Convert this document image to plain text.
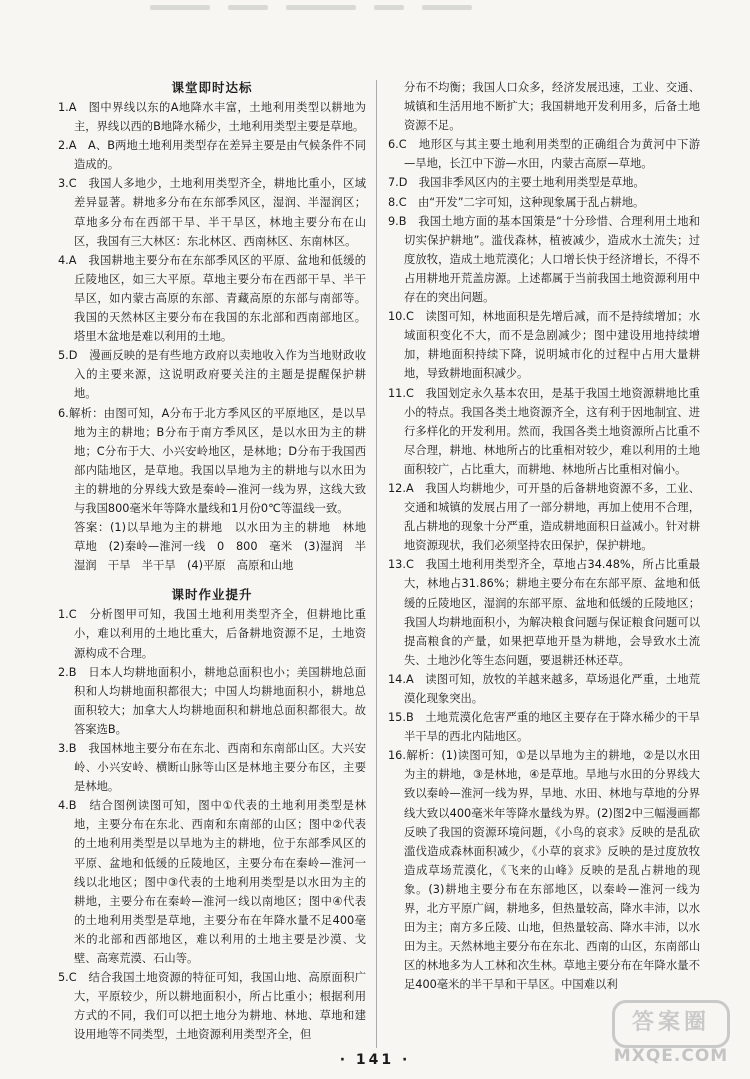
课堂即时达标
1.A　图中界线以东的A地降水丰富，土地利用类型以耕地为主，界线以西的B地降水稀少，土地利用类型主要是草地。
2.A　A、B两地土地利用类型存在差异主要是由气候条件不同造成的。
3.C　我国人多地少，土地利用类型齐全，耕地比重小，区域差异显著。耕地多分布在东部季风区，湿润、半湿润区；草地多分布在西部干旱、半干旱区，林地主要分布在山区，我国有三大林区：东北林区、西南林区、东南林区。
4.A　我国耕地主要分布在东部季风区的平原、盆地和低缓的丘陵地区，如三大平原。草地主要分布在西部干旱、半干旱区，如内蒙古高原的东部、青藏高原的东部与南部等。我国的天然林区主要分布在我国的东北部和西南部地区。塔里木盆地是难以利用的土地。
5.D　漫画反映的是有些地方政府以卖地收入作为当地财政收入的主要来源，这说明政府要关注的主题是提醒保护耕地。
6.解析：由图可知，A分布于北方季风区的平原地区，是以旱地为主的耕地；B分布于南方季风区，是以水田为主的耕地；C分布于大、小兴安岭地区，是林地；D分布于我国西部内陆地区，是草地。我国以旱地为主的耕地与以水田为主的耕地的分界线大致是秦岭—淮河一线为界，这线大致与我国800毫米年等降水量线和1月份0℃等温线一致。
答案：(1)以旱地为主的耕地　以水田为主的耕地　林地　草地　(2)秦岭—淮河一线　0　800　毫米　(3)湿润　半湿润　干旱　半干旱　(4)平原　高原和山地
课时作业提升
1.C　分析图甲可知，我国土地利用类型齐全，但耕地比重小，难以利用的土地比重大，后备耕地资源不足，土地资源构成不合理。
2.B　日本人均耕地面积小，耕地总面积也小；美国耕地总面积和人均耕地面积都很大；中国人均耕地面积小，耕地总面积较大；加拿大人均耕地面积和耕地总面积都很大。故答案选B。
3.B　我国林地主要分布在东北、西南和东南部山区。大兴安岭、小兴安岭、横断山脉等山区是林地主要分布区，主要是林地。
4.B　结合图例读图可知，图中①代表的土地利用类型是林地，主要分布在东北、西南和东南部的山区；图中②代表的土地利用类型是以旱地为主的耕地，位于东部季风区的平原、盆地和低缓的丘陵地区，主要分布在秦岭—淮河一线以北地区；图中③代表的土地利用类型是以水田为主的耕地，主要分布在秦岭—淮河一线以南地区；图中④代表的土地利用类型是草地，主要分布在年降水量不足400毫米的北部和西部地区，难以利用的土地主要是沙漠、戈壁、高寒荒漠、石山等。
5.C　结合我国土地资源的特征可知，我国山地、高原面积广大，平原较少，所以耕地面积小，所占比重小；根据利用方式的不同，我们可以把土地分为耕地、林地、草地和建设用地等不同类型，土地资源利用类型齐全，但
分布不均衡；我国人口众多，经济发展迅速，工业、交通、城镇和生活用地不断扩大；我国耕地开发利用多，后备土地资源不足。
6.C　地形区与其主要土地利用类型的正确组合为黄河中下游—旱地，长江中下游—水田，内蒙古高原—草地。
7.D　我国非季风区内的主要土地利用类型是草地。
8.C　由“开发”二字可知，这种现象属于乱占耕地。
9.B　我国土地方面的基本国策是“十分珍惜、合理利用土地和切实保护耕地”。滥伐森林，植被减少，造成水土流失；过度放牧，造成土地荒漠化；人口增长快于经济增长，不得不占用耕地开荒盖房源。上述都属于当前我国土地资源利用中存在的突出问题。
10.C　读图可知，林地面积是先增后减，而不是持续增加；水域面积变化不大，而不是急剧减少；图中建设用地持续增加，耕地面积持续下降，说明城市化的过程中占用大量耕地，导致耕地面积减少。
11.C　我国划定永久基本农田，是基于我国土地资源耕地比重小的特点。我国各类土地资源齐全，这有利于因地制宜、进行多样化的开发利用。然而，我国各类土地资源所占比重不尽合理，耕地、林地所占的比重相对较少，难以利用的土地面积较广，占比重大，而耕地、林地所占比重相对偏小。
12.A　我国人均耕地少，可开垦的后备耕地资源不多，工业、交通和城镇的发展占用了一部分耕地，再加上使用不合理，乱占耕地的现象十分严重，造成耕地面积日益减小。针对耕地资源现状，我们必须坚持农田保护，保护耕地。
13.C　我国土地利用类型齐全，草地占34.48%，所占比重最大，林地占31.86%；耕地主要分布在东部平原、盆地和低缓的丘陵地区，湿润的东部平原、盆地和低缓的丘陵地区；我国人均耕地面积小，为解决粮食问题与保证粮食问题可以提高粮食的产量，如果把草地开垦为耕地，会导致水土流失、土地沙化等生态问题，要退耕还林还草。
14.A　读图可知，放牧的羊越来越多，草场退化严重，土地荒漠化现象突出。
15.B　土地荒漠化危害严重的地区主要存在于降水稀少的干旱半干旱的西北内陆地区。
16.解析：(1)读图可知，①是以旱地为主的耕地，②是以水田为主的耕地，③是林地，④是草地。旱地与水田的分界线大致以秦岭—淮河一线为界，旱地、水田、林地与草地的分界线大致以400毫米年等降水量线为界。(2)图2中三幅漫画都反映了我国的资源环境问题，《小鸟的哀求》反映的是乱砍滥伐造成森林面积减少，《小草的哀求》反映的是过度放牧造成草场荒漠化，《飞来的山峰》反映的是乱占耕地的现象。(3)耕地主要分布在东部地区，以秦岭—淮河一线为界，北方平原广阔，耕地多，但热量较高，降水丰沛，以水田为主；南方多丘陵、山地，但热量较高、降水丰沛，以水田为主。天然林地主要分布在东北、西南的山区，东南部山区的林地多为人工林和次生林。草地主要分布在年降水量不足400毫米的半干旱和干旱区。中国难以利
· 141 ·
答案圈
MXQE.COM
